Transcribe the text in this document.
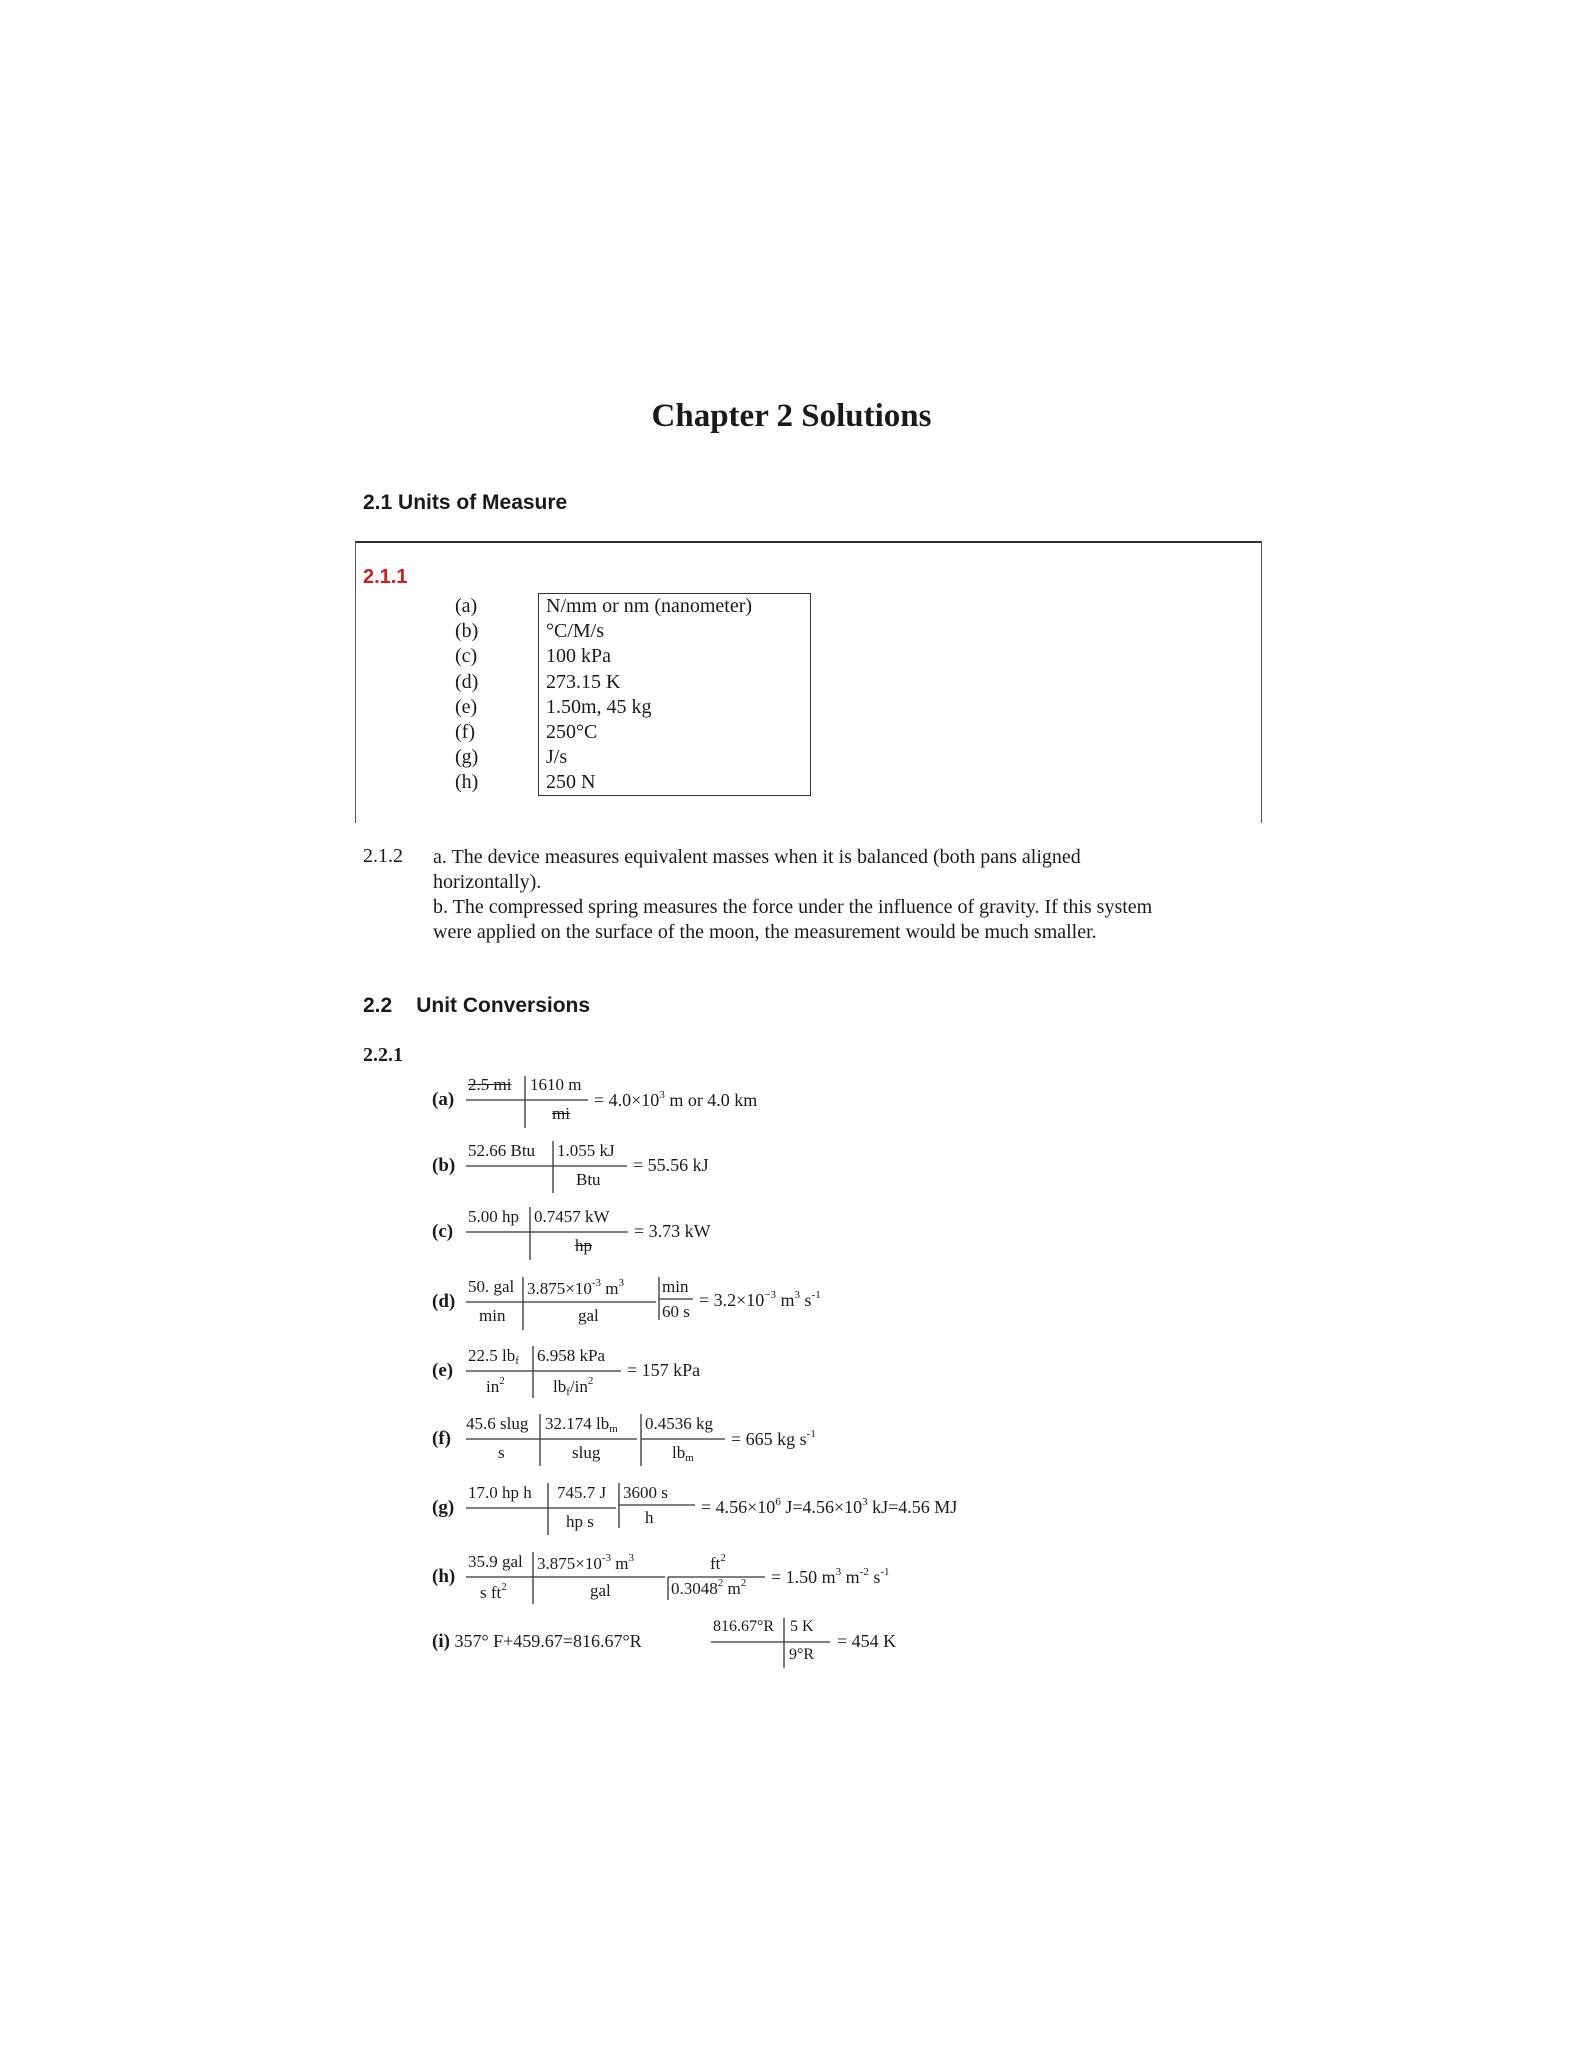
Chapter 2 Solutions
2.1 Units of Measure
2.1.1
(a)
(b)
(c)
(d)
(e)
(f)
(g)
(h)
N/mm or nm (nanometer)
°C/M/s
100 kPa
273.15 K
1.50m, 45 kg
250°C
J/s
250 N
2.1.2 a. The device measures equivalent masses when it is balanced (both pans aligned horizontally).
b. The compressed spring measures the force under the influence of gravity. If this system were applied on the surface of the moon, the measurement would be much smaller.
2.2 Unit Conversions
2.2.1
(a)
2.5 mi 1610 m
mi
= $4.0\times 10^3$ m or 4.0 km
(b)
52.66 Btu 1.055 kJ
Btu
= 55.56 kJ
(c)
5.00 hp 0.7457 kW
hp
= 3.73 kW
(d)
50. gal
min
$3.875\times 10^{-3}$ $m^3$
gal
min
60 s
= $3.2\times 10^{-3}$ $m^3$ $s^{-1}$
(e)
22.5 $lb_f$
$in^2$
6.958 kPa
$lb_f/in^2$
= 157 kPa
(f)
45.6 slug
s
32.174 $lb_m$
slug
0.4536 kg
$lb_m$
= 665 kg $s^{-1}$
(g)
17.0 hp h 745.7 J
hp s
3600 s
h
= $4.56\times 10^6$ $J=4.56\times 10^3$ kJ=4.56 MJ
(h)
35.9 gal
s $ft^2$
$3.875\times 10^{-3}$ $m^3$
gal
$ft^2$
0.3048$^2$ $m^2 = 1.50$ $m^3$ $m^{-2}$ $s^{-1}$
(i) 357° F+459.67=816.67°R
816.67°R 5 K
9°R
= 454 K
